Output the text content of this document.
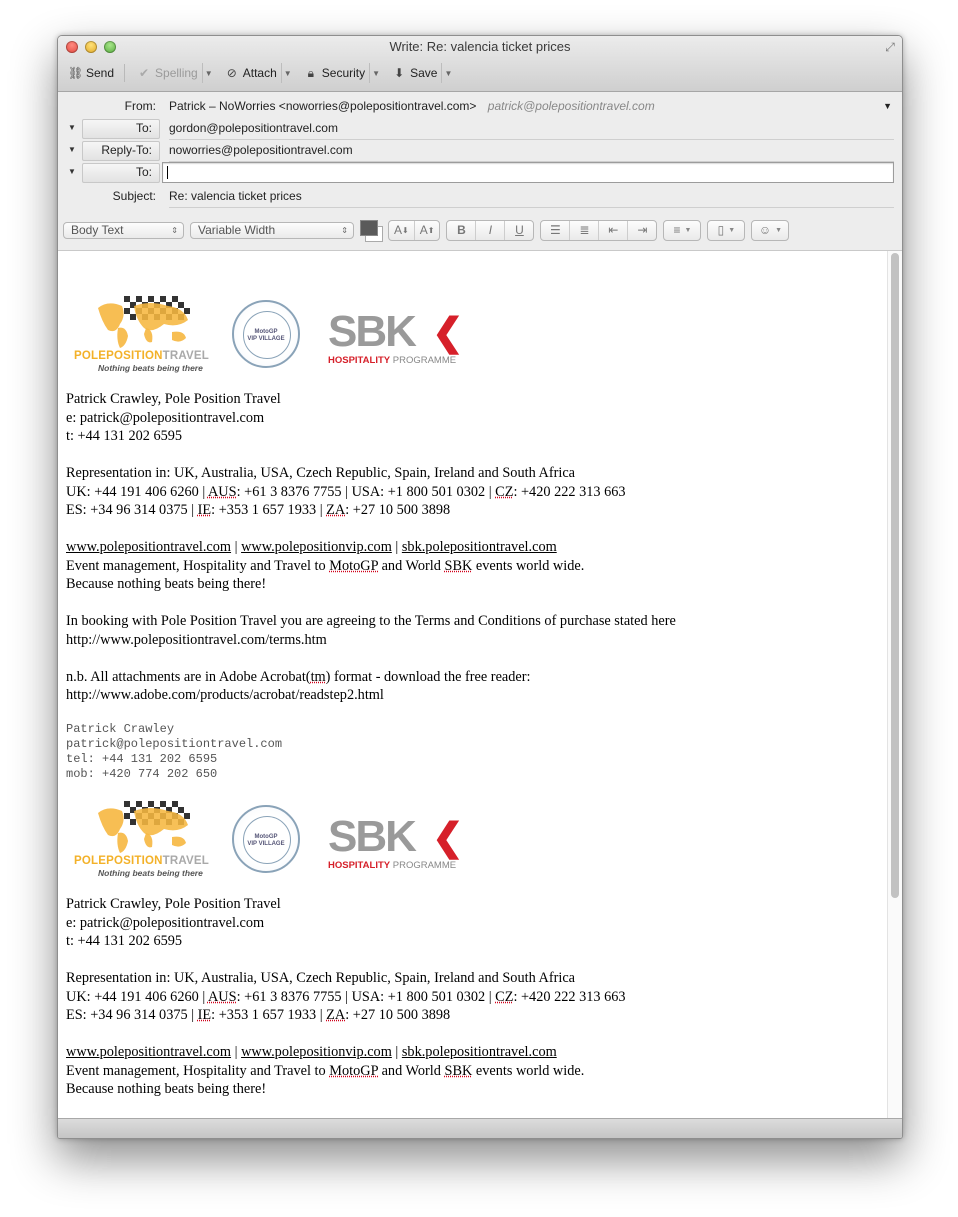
Write: Re: valencia ticket prices	⤢
⛓ Send ✔ Spelling ▼ ⊘ Attach ▼	🔒︎ Security ▼ ⬇ Save ▼
From: Patrick – NoWorries <noworries@polepositiontravel.com> patrick@polepositiontravel.com	▼
▼	To: gordon@polepositiontravel.com
▼	Reply-To: noworries@polepositiontravel.com
▼	To:
Subject: Re: valencia ticket prices
Body Text	⇕ Variable Width	⇕	A ⬇ A ⬆	B	I	U	☰	≣	⇤	⇥	≡ ▼ ▯ ▼ ☺ ▼
POLEPOSITIONTRAVEL
Nothing beats being there
MotoGP
VIP VILLAGE SBK ❮
HOSPITALITY PROGRAMME
Patrick Crawley, Pole Position Travel
e: patrick@polepositiontravel.com
t: +44 131 202 6595
Representation in: UK, Australia, USA, Czech Republic, Spain, Ireland and South Africa
UK: +44 191 406 6260 | AUS: +61 3 8376 7755 | USA: +1 800 501 0302 | CZ: +420 222 313 663
ES: +34 96 314 0375 | IE: +353 1 657 1933 | ZA: +27 10 500 3898
www.polepositiontravel.com | www.polepositionvip.com | sbk.polepositiontravel.com
Event management, Hospitality and Travel to MotoGP and World SBK events world wide.
Because nothing beats being there!
In booking with Pole Position Travel you are agreeing to the Terms and Conditions of purchase stated here
http://www.polepositiontravel.com/terms.htm
n.b. All attachments are in Adobe Acrobat(tm) format - download the free reader:
http://www.adobe.com/products/acrobat/readstep2.html
Patrick Crawley
patrick@polepositiontravel.com
tel: +44 131 202 6595
mob: +420 774 202 650
POLEPOSITIONTRAVEL
Nothing beats being there
MotoGP
VIP VILLAGE SBK ❮
HOSPITALITY PROGRAMME
Patrick Crawley, Pole Position Travel
e: patrick@polepositiontravel.com
t: +44 131 202 6595
Representation in: UK, Australia, USA, Czech Republic, Spain, Ireland and South Africa
UK: +44 191 406 6260 | AUS: +61 3 8376 7755 | USA: +1 800 501 0302 | CZ: +420 222 313 663
ES: +34 96 314 0375 | IE: +353 1 657 1933 | ZA: +27 10 500 3898
www.polepositiontravel.com | www.polepositionvip.com | sbk.polepositiontravel.com
Event management, Hospitality and Travel to MotoGP and World SBK events world wide.
Because nothing beats being there!
